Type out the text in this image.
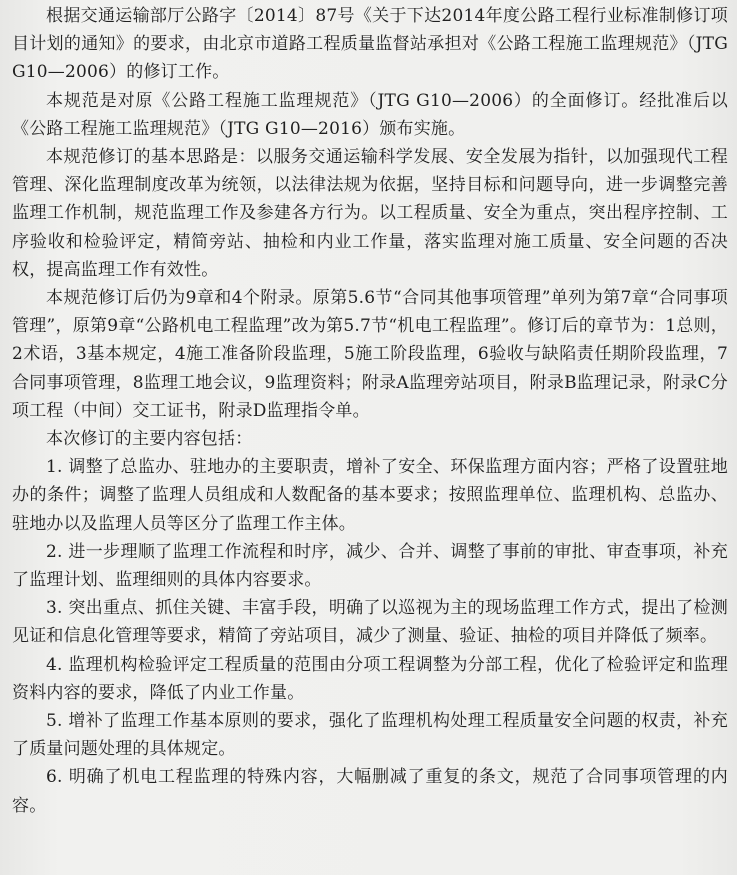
根据交通运输部厅公路字〔2014〕87号《关于下达2014年度公路工程行业标准制修订项目计划的通知》的要求，由北京市道路工程质量监督站承担对《公路工程施工监理规范》（JTG G10—2006）的修订工作。

本规范是对原《公路工程施工监理规范》（JTG G10—2006）的全面修订。经批准后以《公路工程施工监理规范》（JTG G10—2016）颁布实施。

本规范修订的基本思路是：以服务交通运输科学发展、安全发展为指针，以加强现代工程管理、深化监理制度改革为统领，以法律法规为依据，坚持目标和问题导向，进一步调整完善监理工作机制，规范监理工作及参建各方行为。以工程质量、安全为重点，突出程序控制、工序验收和检验评定，精简旁站、抽检和内业工作量，落实监理对施工质量、安全问题的否决权，提高监理工作有效性。

本规范修订后仍为9章和4个附录。原第5.6节“合同其他事项管理”单列为第7章“合同事项管理”，原第9章“公路机电工程监理”改为第5.7节“机电工程监理”。修订后的章节为：1总则，2术语，3基本规定，4施工准备阶段监理，5施工阶段监理，6验收与缺陷责任期阶段监理，7合同事项管理，8监理工地会议，9监理资料；附录A监理旁站项目，附录B监理记录，附录C分项工程（中间）交工证书，附录D监理指令单。

本次修订的主要内容包括：

1. 调整了总监办、驻地办的主要职责，增补了安全、环保监理方面内容；严格了设置驻地办的条件；调整了监理人员组成和人数配备的基本要求；按照监理单位、监理机构、总监办、驻地办以及监理人员等区分了监理工作主体。

2. 进一步理顺了监理工作流程和时序，减少、合并、调整了事前的审批、审查事项，补充了监理计划、监理细则的具体内容要求。

3. 突出重点、抓住关键、丰富手段，明确了以巡视为主的现场监理工作方式，提出了检测见证和信息化管理等要求，精简了旁站项目，减少了测量、验证、抽检的项目并降低了频率。

4. 监理机构检验评定工程质量的范围由分项工程调整为分部工程，优化了检验评定和监理资料内容的要求，降低了内业工作量。

5. 增补了监理工作基本原则的要求，强化了监理机构处理工程质量安全问题的权责，补充了质量问题处理的具体规定。

6. 明确了机电工程监理的特殊内容，大幅删减了重复的条文，规范了合同事项管理的内容。
